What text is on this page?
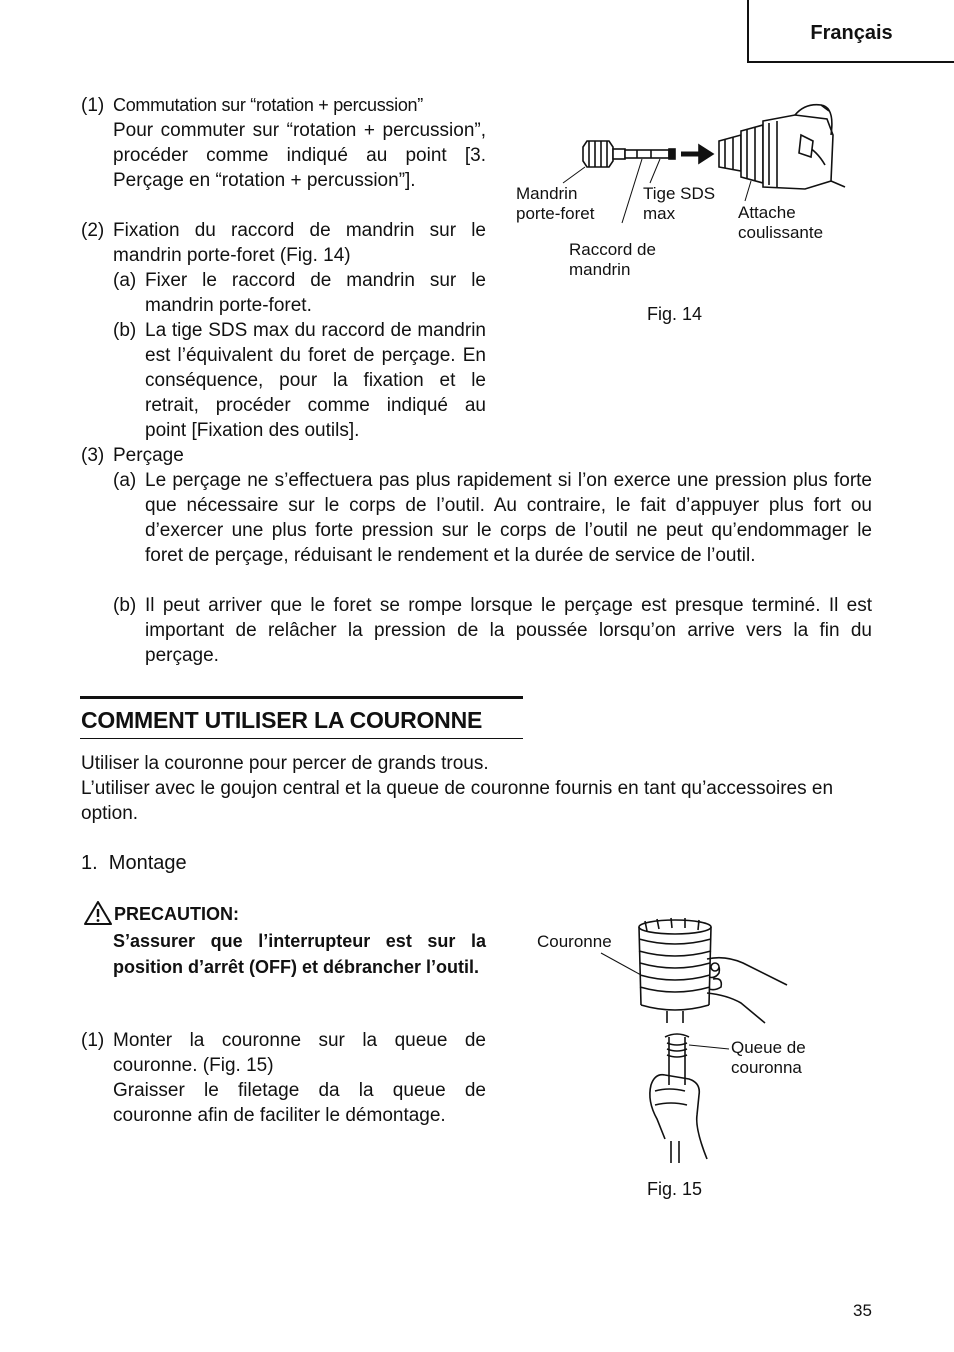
Français
(1) Commutation sur “rotation + percussion”
Pour commuter sur “rotation + percussion”, procéder comme indiqué au point [3. Perçage en “rotation + percussion”].
(2) Fixation du raccord de mandrin sur le mandrin porte-foret (Fig. 14)
(a) Fixer le raccord de mandrin sur le mandrin porte-foret.
(b) La tige SDS max du raccord de mandrin est l’équivalent du foret de perçage. En conséquence, pour la fixation et le retrait, procéder comme indiqué au point [Fixation des outils].
(3) Perçage
(a) Le perçage ne s’effectuera pas plus rapidement si l’on exerce une pression plus forte que nécessaire sur le corps de l’outil. Au contraire, le fait d’appuyer plus fort ou d’exercer une plus forte pression sur le corps de l’outil ne peut qu’endommager le foret de perçage, réduisant le rendement et la durée de service de l’outil.
(b) Il peut arriver que le foret se rompe lorsque le perçage est presque terminé. Il est important de relâcher la pression de la poussée lorsqu’on arrive vers la fin du perçage.
Mandrin
porte-foret
Tige SDS
max	Attache
coulissante
Raccord de
mandrin
Fig. 14
COMMENT UTILISER LA COURONNE
Utiliser la couronne pour percer de grands trous.
L’utiliser avec le goujon central et la queue de couronne fournis en tant qu’accessoires en option.
1.  Montage
PRECAUTION:
S’assurer que l’interrupteur est sur la position d’arrêt (OFF) et débrancher l’outil.
(1) Monter la couronne sur la queue de couronne. (Fig. 15)
Graisser le filetage da la queue de couronne afin de faciliter le démontage.
Couronne
Queue de
couronna
Fig. 15
35
